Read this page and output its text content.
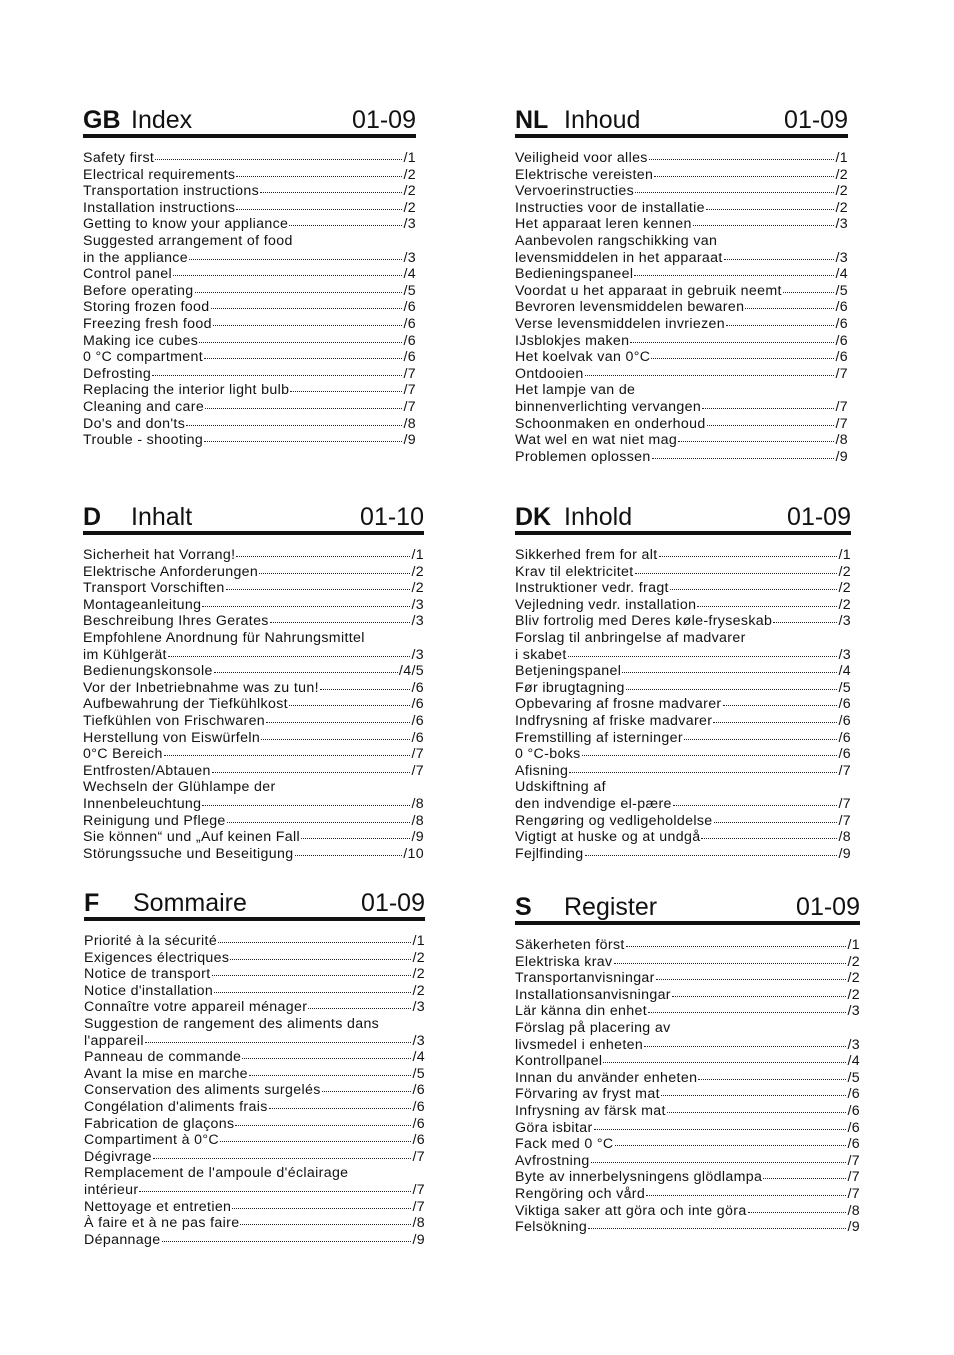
GB Index	01-09
Safety first	/1
Electrical requirements	/2
Transportation instructions	/2
Installation instructions	/2
Getting to know your appliance	/3
Suggested arrangement of food
in the appliance	/3
Control panel	/4
Before operating	/5
Storing frozen food	/6
Freezing fresh food	/6
Making ice cubes	/6
0 °C compartment	/6
Defrosting	/7
Replacing the interior light bulb	/7
Cleaning and care	/7
Do's and don'ts	/8
Trouble - shooting	/9
NL Inhoud	01-09
Veiligheid voor alles	/1
Elektrische vereisten	/2
Vervoerinstructies	/2
Instructies voor de installatie	/2
Het apparaat leren kennen	/3
Aanbevolen rangschikking van
levensmiddelen in het apparaat	/3
Bedieningspaneel	/4
Voordat u het apparaat in gebruik neemt	/5
Bevroren levensmiddelen bewaren	/6
Verse levensmiddelen invriezen	/6
IJsblokjes maken	/6
Het koelvak van 0°C	/6
Ontdooien	/7
Het lampje van de
binnenverlichting vervangen	/7
Schoonmaken en onderhoud	/7
Wat wel en wat niet mag	/8
Problemen oplossen	/9
D	Inhalt	01-10
Sicherheit hat Vorrang!	/1
Elektrische Anforderungen	/2
Transport Vorschiften	/2
Montageanleitung	/3
Beschreibung Ihres Gerates	/3
Empfohlene Anordnung für Nahrungsmittel
im Kühlgerät	/3
Bedienungskonsole	/4/5
Vor der Inbetriebnahme was zu tun!	/6
Aufbewahrung der Tiefkühlkost	/6
Tiefkühlen von Frischwaren	/6
Herstellung von Eiswürfeln	/6
0°C Bereich	/7
Entfrosten/Abtauen	/7
Wechseln der Glühlampe der
Innenbeleuchtung	/8
Reinigung und Pflege	/8
Sie können“ und „Auf keinen Fall	/9
Störungssuche und Beseitigung	/10
DK Inhold	01-09
Sikkerhed frem for alt	/1
Krav til elektricitet	/2
Instruktioner vedr. fragt	/2
Vejledning vedr. installation	/2
Bliv fortrolig med Deres køle-fryseskab	/3
Forslag til anbringelse af madvarer
i skabet	/3
Betjeningspanel	/4
Før ibrugtagning	/5
Opbevaring af frosne madvarer	/6
Indfrysning af friske madvarer	/6
Fremstilling af isterninger	/6
0 °C-boks	/6
Afisning	/7
Udskiftning af
den indvendige el-pære	/7
Rengøring og vedligeholdelse	/7
Vigtigt at huske og at undgå	/8
Fejlfinding	/9
F	Sommaire	01-09
Priorité à la sécurité	/1
Exigences électriques	/2
Notice de transport	/2
Notice d'installation	/2
Connaître votre appareil ménager	/3
Suggestion de rangement des aliments dans
l'appareil	/3
Panneau de commande	/4
Avant la mise en marche	/5
Conservation des aliments surgelés	/6
Congélation d'aliments frais	/6
Fabrication de glaçons	/6
Compartiment à 0°C	/6
Dégivrage	/7
Remplacement de l'ampoule d'éclairage
intérieur	/7
Nettoyage et entretien	/7
À faire et à ne pas faire	/8
Dépannage	/9
S	Register	01-09
Säkerheten först	/1
Elektriska krav	/2
Transportanvisningar	/2
Installationsanvisningar	/2
Lär känna din enhet	/3
Förslag på placering av
livsmedel i enheten	/3
Kontrollpanel	/4
Innan du använder enheten	/5
Förvaring av fryst mat	/6
Infrysning av färsk mat	/6
Göra isbitar	/6
Fack med 0 °C	/6
Avfrostning	/7
Byte av innerbelysningens glödlampa	/7
Rengöring och vård	/7
Viktiga saker att göra och inte göra	/8
Felsökning	/9
